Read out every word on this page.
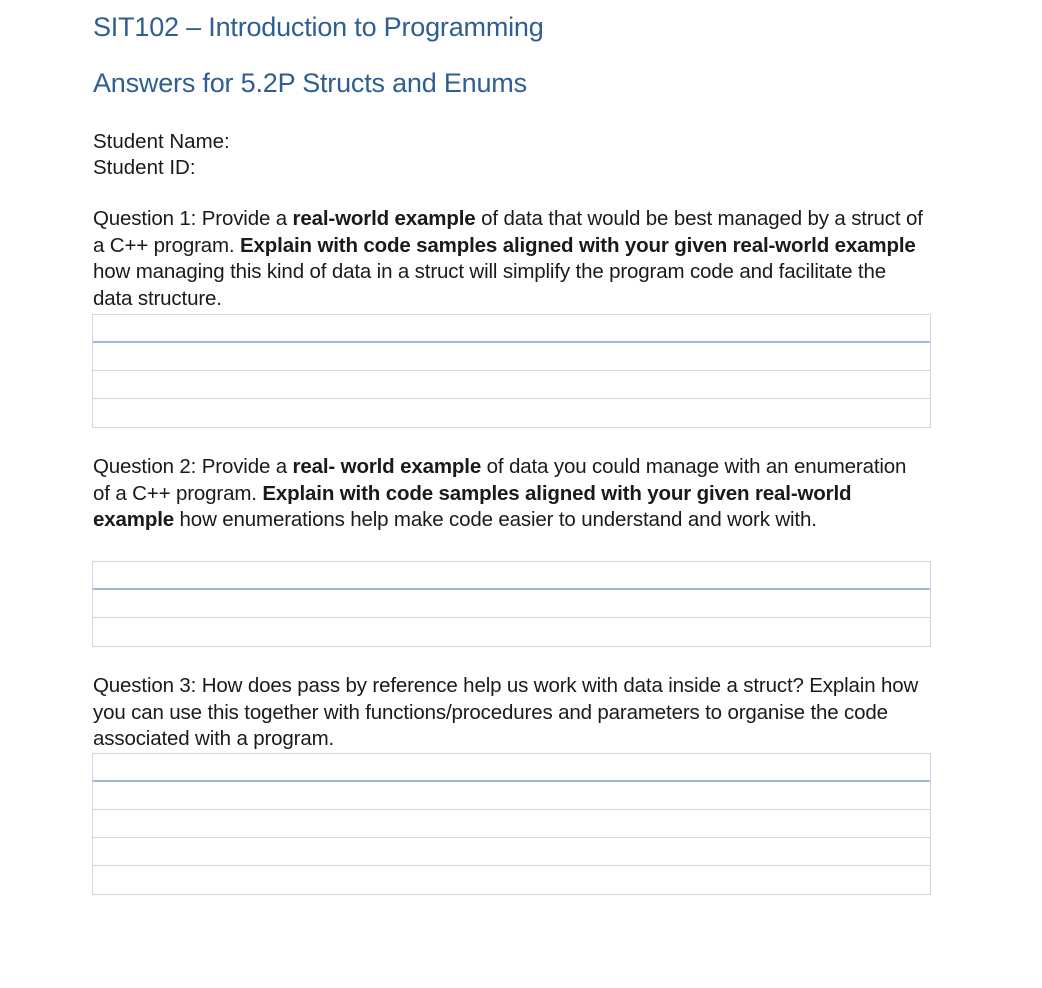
SIT102 – Introduction to Programming
Answers for 5.2P Structs and Enums
Student Name:
Student ID:

Question 1: Provide a real-world example of data that would be best managed by a struct of a C++ program. Explain with code samples aligned with your given real-world example how managing this kind of data in a struct will simplify the program code and facilitate the data structure.

Question 2: Provide a real- world example of data you could manage with an enumeration of a C++ program. Explain with code samples aligned with your given real-world example how enumerations help make code easier to understand and work with.

Question 3: How does pass by reference help us work with data inside a struct? Explain how you can use this together with functions/procedures and parameters to organise the code associated with a program.
